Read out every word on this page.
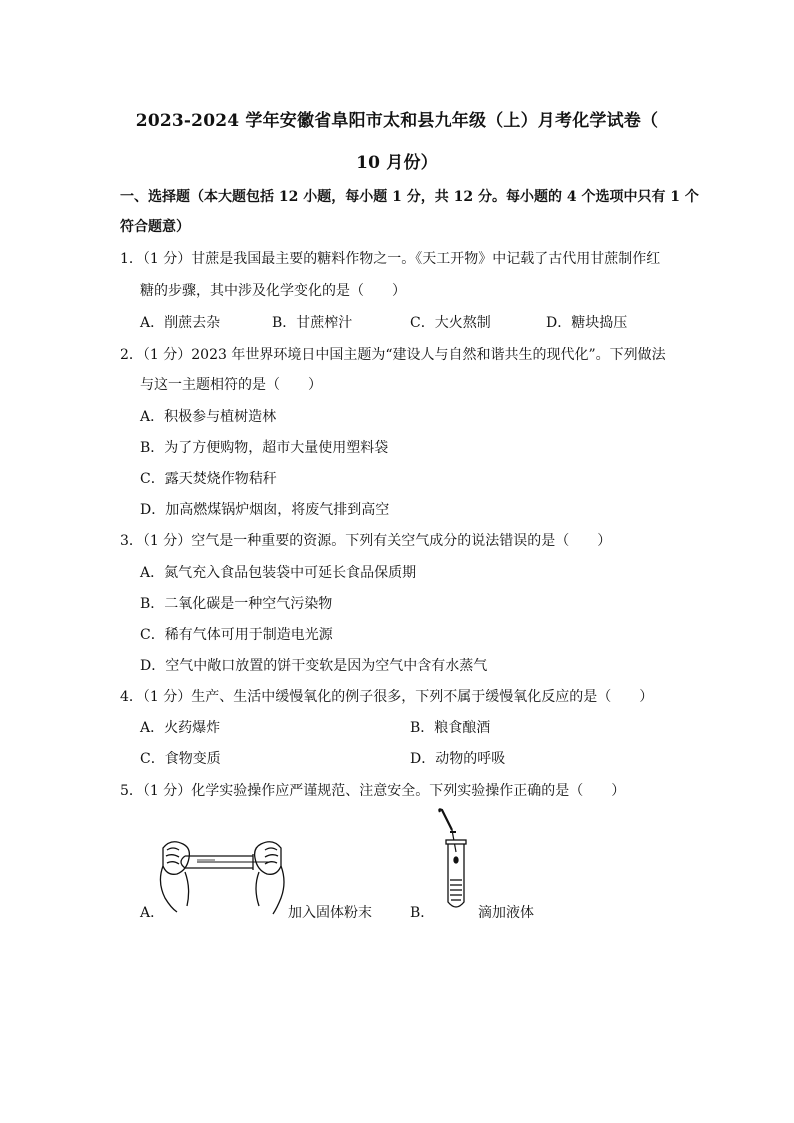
2023-2024 学年安徽省阜阳市太和县九年级（上）月考化学试卷（
10 月份）
一、选择题（本大题包括 12 小题，每小题 1 分，共 12 分。每小题的 4 个选项中只有 1 个
符合题意）
1．（1 分）甘蔗是我国最主要的糖料作物之一。《天工开物》中记载了古代用甘蔗制作红
糖的步骤，其中涉及化学变化的是（　　）
A．削蔗去杂	B．甘蔗榨汁	C．大火熬制	D．糖块捣压
2．（1 分）2023 年世界环境日中国主题为“建设人与自然和谐共生的现代化”。下列做法
与这一主题相符的是（　　）
A．积极参与植树造林
B．为了方便购物，超市大量使用塑料袋
C．露天焚烧作物秸秆
D．加高燃煤锅炉烟囱，将废气排到高空
3．（1 分）空气是一种重要的资源。下列有关空气成分的说法错误的是（　　）
A．氮气充入食品包装袋中可延长食品保质期
B．二氧化碳是一种空气污染物
C．稀有气体可用于制造电光源
D．空气中敞口放置的饼干变软是因为空气中含有水蒸气
4．（1 分）生产、生活中缓慢氧化的例子很多，下列不属于缓慢氧化反应的是（　　）
A．火药爆炸	B．粮食酿酒
C．食物变质	D．动物的呼吸
5．（1 分）化学实验操作应严谨规范、注意安全。下列实验操作正确的是（　　）
A．	加入固体粉末	B．	滴加液体
